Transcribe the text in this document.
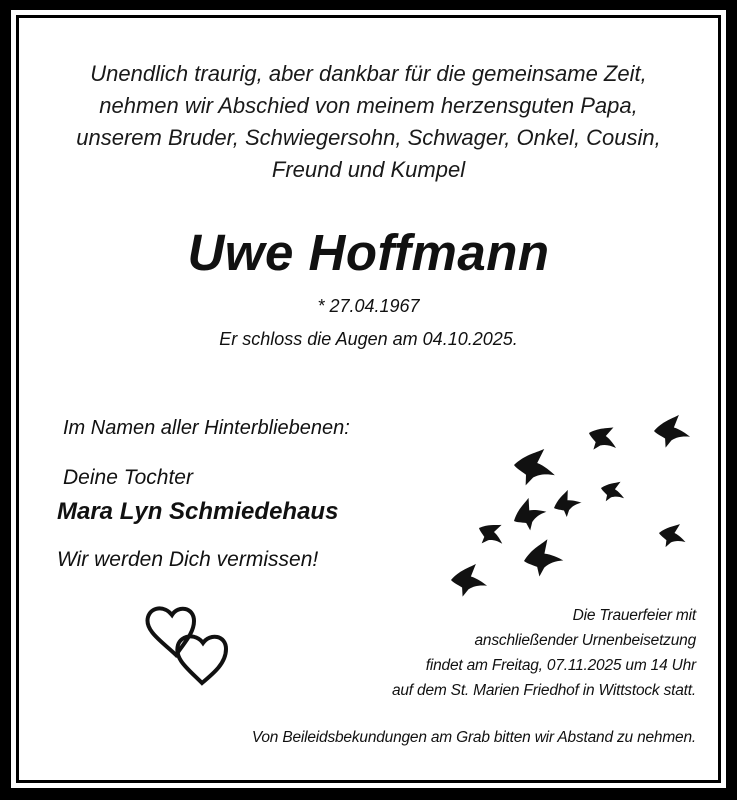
Unendlich traurig, aber dankbar für die gemeinsame Zeit,
nehmen wir Abschied von meinem herzensguten Papa,
unserem Bruder, Schwiegersohn, Schwager, Onkel, Cousin,
Freund und Kumpel
Uwe Hoffmann
* 27.04.1967
Er schloss die Augen am 04.10.2025.
Im Namen aller Hinterbliebenen:
Deine Tochter
Mara Lyn Schmiedehaus
Wir werden Dich vermissen!
Die Trauerfeier mit
anschließender Urnenbeisetzung
findet am Freitag, 07.11.2025 um 14 Uhr
auf dem St. Marien Friedhof in Wittstock statt.
Von Beileidsbekundungen am Grab bitten wir Abstand zu nehmen.
